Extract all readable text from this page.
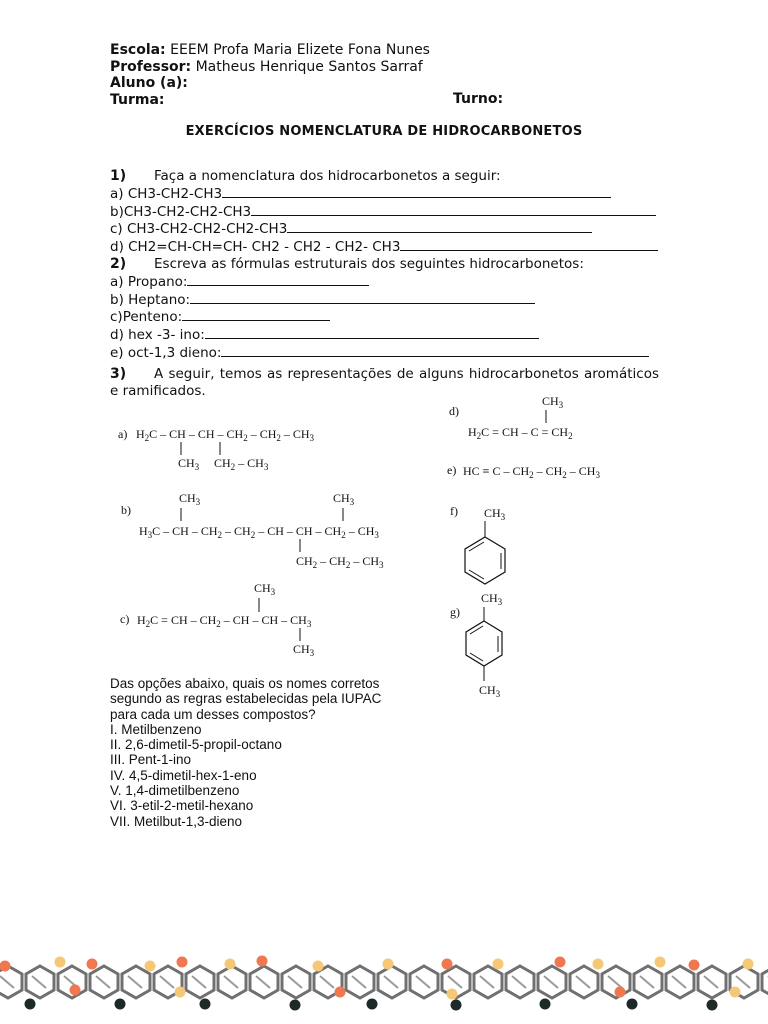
Escola: EEEM Profa Maria Elizete Fona Nunes
Professor: Matheus Henrique Santos Sarraf
Aluno (a):
Turma:	Turno:
EXERCÍCIOS NOMENCLATURA DE HIDROCARBONETOS
1) Faça a nomenclatura dos hidrocarbonetos a seguir:
a) CH3-CH2-CH3
b)CH3-CH2-CH2-CH3
c) CH3-CH2-CH2-CH2-CH3
d) CH2=CH-CH=CH- CH2 - CH2 - CH2- CH3
2) Escreva as fórmulas estruturais dos seguintes hidrocarbonetos:
a) Propano:
b) Heptano:
c)Penteno:
d) hex -3- ino:
e) oct-1,3 dieno:
3) A seguir, temos as representações de alguns hidrocarbonetos aromáticos e ramificados.
a) $H_2C$ – CH – CH – $CH_2 - CH_2 - CH_3$
$CH_3$ $CH_2 - CH_3$
b)
$CH_3$	$CH_3$
$H_3C$ – CH – $CH_2 - CH_2$ – CH – CH – $CH_2 - CH_3$
$CH_2 - CH_2 - CH_3$
c)
$CH_3$
$H_2C$ = CH – $CH_2$ – CH – CH – $CH_3$
$CH_3$
d)
$CH_3$
$H_2C$ = CH – $C = CH_2$
e) HC ≡ C – $CH_2 - CH_2 - CH_3$
f) $CH_3$
g)
$CH_3$
$CH_3$
Das opções abaixo, quais os nomes corretos
segundo as regras estabelecidas pela IUPAC
para cada um desses compostos?
I. Metilbenzeno
II. 2,6-dimetil-5-propil-octano
III. Pent-1-ino
IV. 4,5-dimetil-hex-1-eno
V. 1,4-dimetilbenzeno
VI. 3-etil-2-metil-hexano
VII. Metilbut-1,3-dieno
